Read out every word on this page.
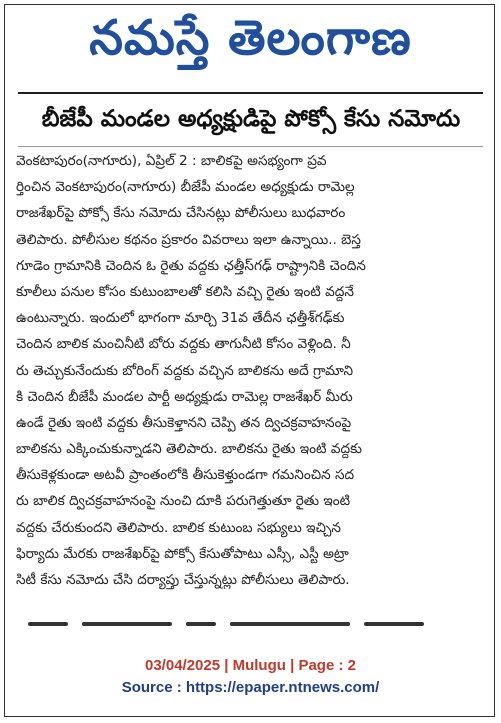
నమస్తే తెలంగాణ
బీజేపీ మండల అధ్యక్షుడిపై పోక్సో కేసు నమోదు
వెంకటాపురం(నాగూరు), ఏప్రిల్ 2 : బాలికపై అసభ్యంగా ప్రవ
ర్తించిన వెంకటాపురం(నాగూరు) బీజేపీ మండల అధ్యక్షుడు రామెల్ల
రాజశేఖర్‌పై పోక్సో కేసు నమోదు చేసినట్లు పోలీసులు బుధవారం
తెలిపారు. పోలీసుల కథనం ప్రకారం వివరాలు ఇలా ఉన్నాయి.. బెస్త
గూడెం గ్రామానికి చెందిన ఓ రైతు వద్దకు ఛత్తీస్‌గఢ్ రాష్ట్రానికి చెందిన
కూలీలు పనుల కోసం కుటుంబాలతో కలిసి వచ్చి రైతు ఇంటి వద్దనే
ఉంటున్నారు. ఇందులో భాగంగా మార్చి 31వ తేదీన ఛత్తీశ్‌గఢ్‌కు
చెందిన బాలిక మంచినీటి బోరు వద్దకు తాగునీటి కోసం వెళ్లింది. నీ
రు తెచ్చుకునేందుకు బోరింగ్ వద్దకు వచ్చిన బాలికను అదే గ్రామాని
కి చెందిన బీజేపీ మండల పార్టీ అధ్యక్షుడు రామెల్ల రాజశేఖర్ మీరు
ఉండే రైతు ఇంటి వద్దకు తీసుకెళ్తానని చెప్పి తన ద్విచక్రవాహనంపై
బాలికను ఎక్కించుకున్నాడని తెలిపారు. బాలికను రైతు ఇంటి వద్దకు
తీసుకెళ్లకుండా అటవీ ప్రాంతంలోకి తీసుకెళ్తుండగా గమనించిన సద
రు బాలిక ద్విచక్రవాహనంపై నుంచి దూకి పరుగెత్తుతూ రైతు ఇంటి
వద్దకు చేరుకుందని తెలిపారు. బాలిక కుటుంబ సభ్యులు ఇచ్చిన
ఫిర్యాదు మేరకు రాజశేఖర్‌పై పోక్సో కేసుతోపాటు ఎస్సీ, ఎస్టీ అట్రా
సిటీ కేసు నమోదు చేసి దర్యాప్తు చేస్తున్నట్లు పోలీసులు తెలిపారు.
03/04/2025 | Mulugu | Page : 2
Source : https://epaper.ntnews.com/
